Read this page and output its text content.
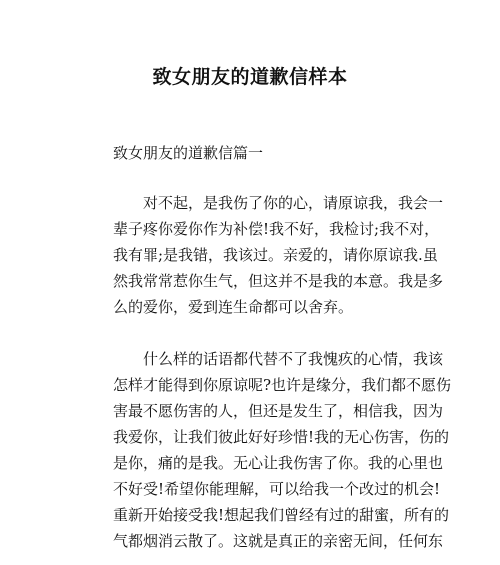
致女朋友的道歉信样本

致女朋友的道歉信篇一

对不起，是我伤了你的心，请原谅我，我会一

辈子疼你爱你作为补偿!我不好，我检讨;我不对，

我有罪;是我错，我该过。亲爱的，请你原谅我.虽

然我常常惹你生气，但这并不是我的本意。我是多

么的爱你，爱到连生命都可以舍弃。

什么样的话语都代替不了我愧疚的心情，我该

怎样才能得到你原谅呢?也许是缘分，我们都不愿伤

害最不愿伤害的人，但还是发生了，相信我，因为

我爱你，让我们彼此好好珍惜!我的无心伤害，伤的

是你，痛的是我。无心让我伤害了你。我的心里也

不好受!希望你能理解，可以给我一个改过的机会!

重新开始接受我!想起我们曾经有过的甜蜜，所有的

气都烟消云散了。这就是真正的亲密无间，任何东
